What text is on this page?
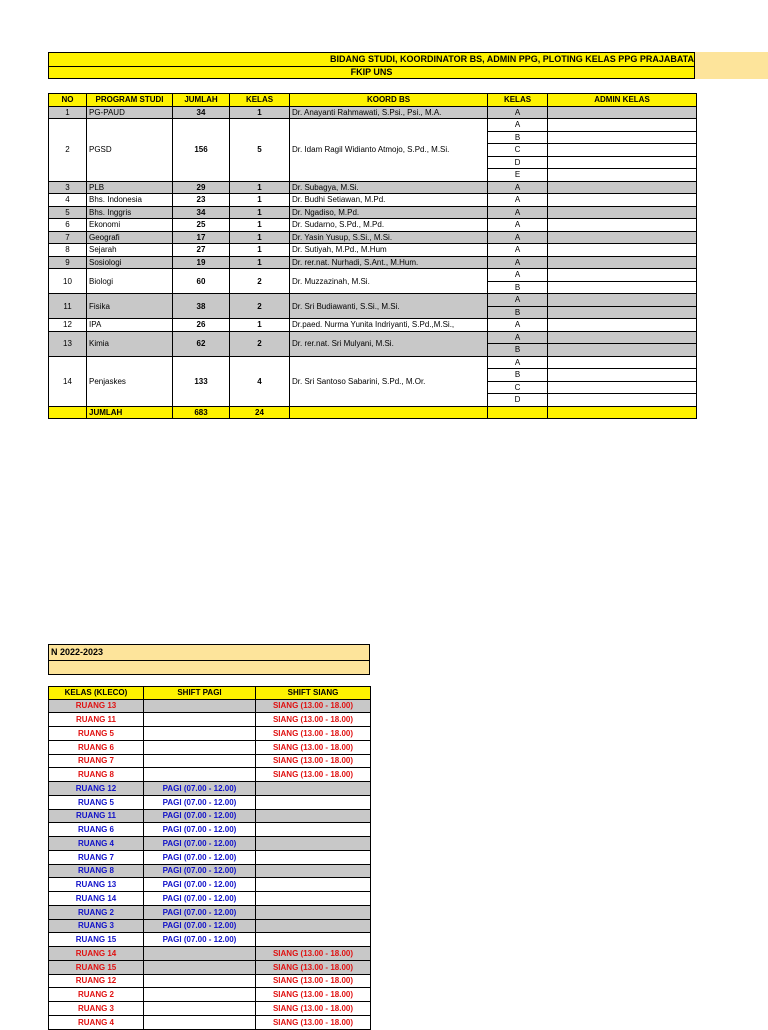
BIDANG STUDI, KOORDINATOR BS, ADMIN PPG, PLOTING KELAS PPG PRAJABATA
FKIP UNS
NO	PROGRAM STUDI	JUMLAH	KELAS	KOORD BS	KELAS	ADMIN KELAS
1	PG-PAUD	34	1	Dr. Anayanti Rahmawati, S.Psi., Psi., M.A.	A	
2	PGSD	156	5	Dr. Idam Ragil Widianto Atmojo, S.Pd., M.Si.	A	
					B	
					C	
					D	
					E	
3	PLB	29	1	Dr. Subagya, M.Si.	A	
4	Bhs. Indonesia	23	1	Dr. Budhi Setiawan, M.Pd.	A	
5	Bhs. Inggris	34	1	Dr. Ngadiso, M.Pd.	A	
6	Ekonomi	25	1	Dr. Sudarno, S.Pd., M.Pd.	A	
7	Geografi	17	1	Dr. Yasin Yusup, S.Si., M.Si.	A	
8	Sejarah	27	1	Dr. Sutiyah, M.Pd., M.Hum	A	
9	Sosiologi	19	1	Dr. rer.nat. Nurhadi, S.Ant., M.Hum.	A	
10	Biologi	60	2	Dr. Muzzazinah, M.Si.	A	
					B	
11	Fisika	38	2	Dr. Sri Budiawanti, S.Si., M.Si.	A	
					B	
12	IPA	26	1	Dr.paed. Nurma Yunita Indriyanti, S.Pd.,M.Si.,	A	
13	Kimia	62	2	Dr. rer.nat. Sri Mulyani, M.Si.	A	
					B	
14	Penjaskes	133	4	Dr. Sri Santoso Sabarini, S.Pd., M.Or.	A	
					B	
					C	
					D	
	JUMLAH	683	24			
N 2022-2023
KELAS (KLECO)	SHIFT PAGI	SHIFT SIANG
RUANG 13		SIANG (13.00 - 18.00)
RUANG 11		SIANG (13.00 - 18.00)
RUANG 5		SIANG (13.00 - 18.00)
RUANG 6		SIANG (13.00 - 18.00)
RUANG 7		SIANG (13.00 - 18.00)
RUANG 8		SIANG (13.00 - 18.00)
RUANG 12	PAGI (07.00 - 12.00)	
RUANG 5	PAGI (07.00 - 12.00)	
RUANG 11	PAGI (07.00 - 12.00)	
RUANG 6	PAGI (07.00 - 12.00)	
RUANG 4	PAGI (07.00 - 12.00)	
RUANG 7	PAGI (07.00 - 12.00)	
RUANG 8	PAGI (07.00 - 12.00)	
RUANG 13	PAGI (07.00 - 12.00)	
RUANG 14	PAGI (07.00 - 12.00)	
RUANG 2	PAGI (07.00 - 12.00)	
RUANG 3	PAGI (07.00 - 12.00)	
RUANG 15	PAGI (07.00 - 12.00)	
RUANG 14		SIANG (13.00 - 18.00)
RUANG 15		SIANG (13.00 - 18.00)
RUANG 12		SIANG (13.00 - 18.00)
RUANG 2		SIANG (13.00 - 18.00)
RUANG 3		SIANG (13.00 - 18.00)
RUANG 4		SIANG (13.00 - 18.00)
